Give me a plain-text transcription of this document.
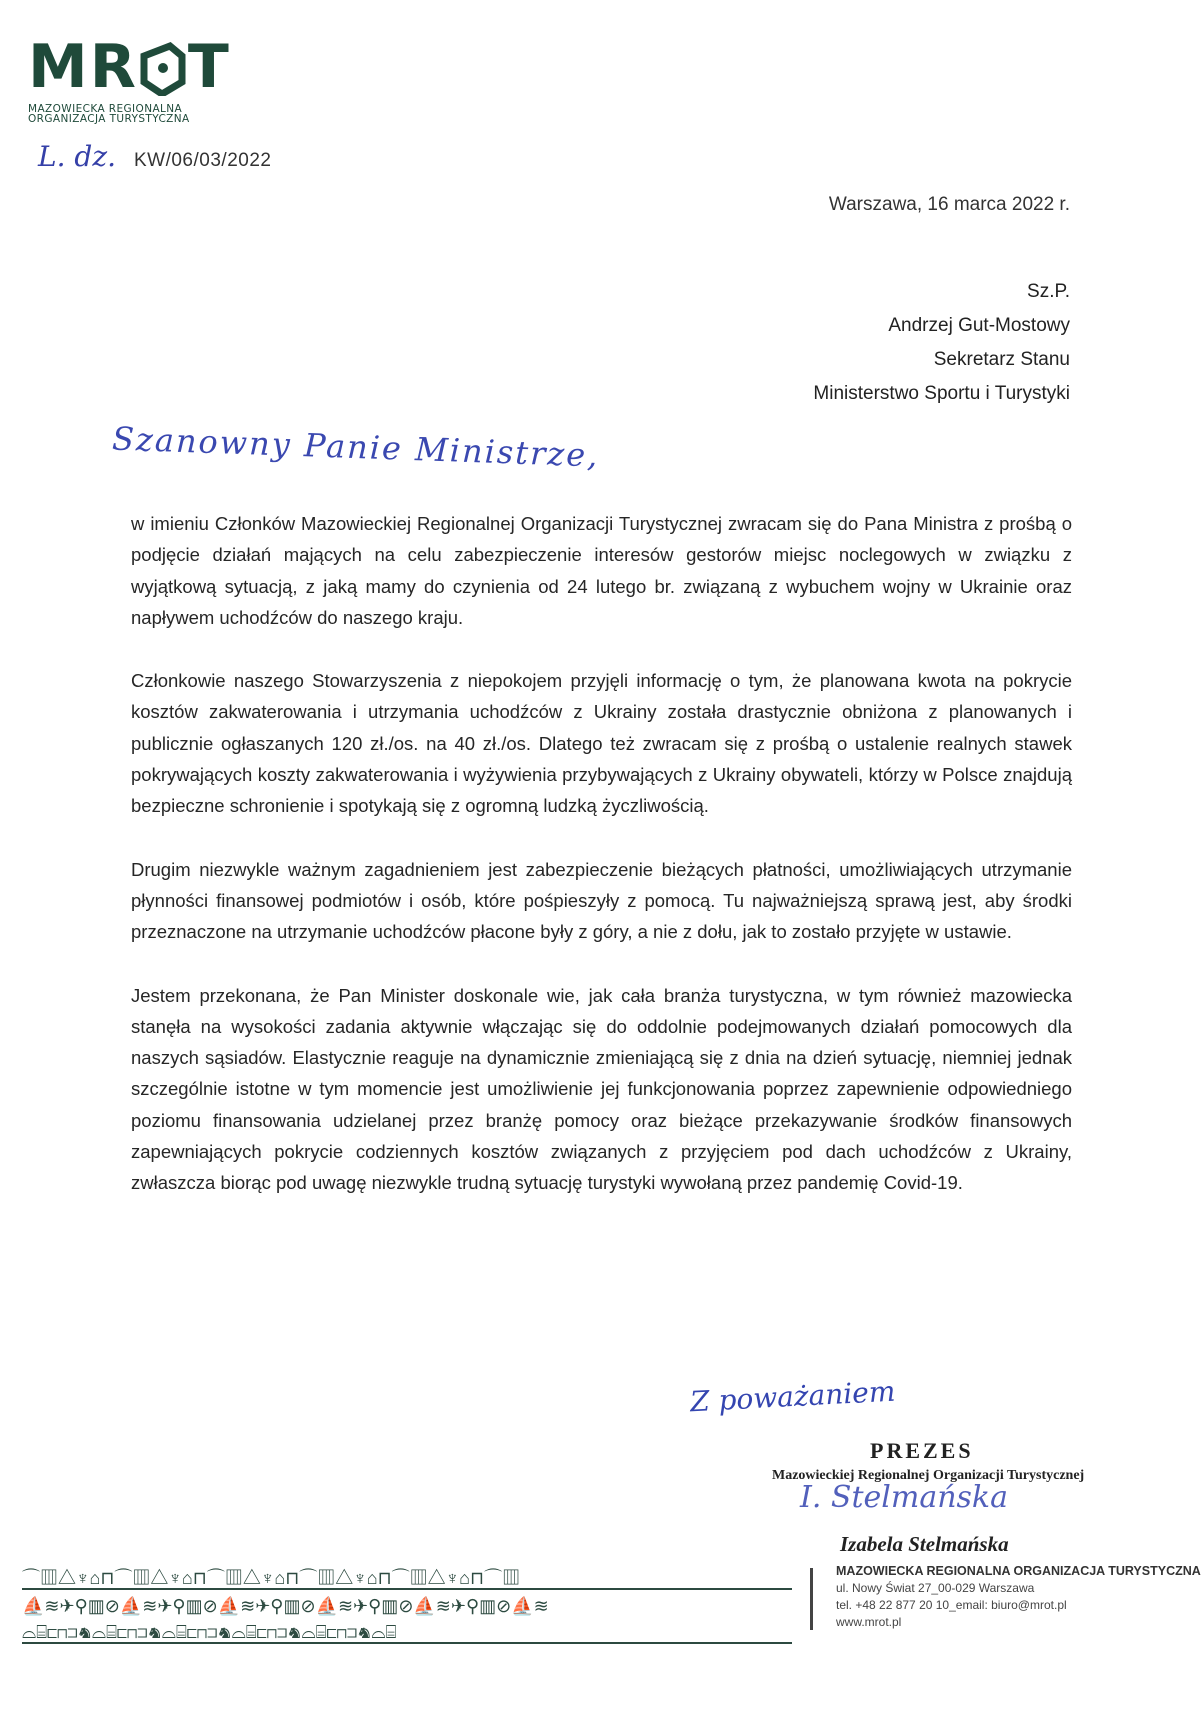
M R T
MAZOWIECKA REGIONALNA
ORGANIZACJA TURYSTYCZNA
L. dz. KW/06/03/2022
Warszawa, 16 marca 2022 r.
Sz.P.
Andrzej Gut-Mostowy
Sekretarz Stanu
Ministerstwo Sportu i Turystyki
Szanowny Panie Ministrze,

w imieniu Członków Mazowieckiej Regionalnej Organizacji Turystycznej zwracam się do Pana Ministra z prośbą o podjęcie działań mających na celu zabezpieczenie interesów gestorów miejsc noclegowych w związku z wyjątkową sytuacją, z jaką mamy do czynienia od 24 lutego br. związaną z wybuchem wojny w Ukrainie oraz napływem uchodźców do naszego kraju.

Członkowie naszego Stowarzyszenia z niepokojem przyjęli informację o tym, że planowana kwota na pokrycie kosztów zakwaterowania i utrzymania uchodźców z Ukrainy została drastycznie obniżona z planowanych i publicznie ogłaszanych 120 zł./os. na 40 zł./os. Dlatego też zwracam się z prośbą o ustalenie realnych stawek pokrywających koszty zakwaterowania i wyżywienia przybywających z Ukrainy obywateli, którzy w Polsce znajdują bezpieczne schronienie i spotykają się z ogromną ludzką życzliwością.

Drugim niezwykle ważnym zagadnieniem jest zabezpieczenie bieżących płatności, umożliwiających utrzymanie płynności finansowej podmiotów i osób, które pośpieszyły z pomocą. Tu najważniejszą sprawą jest, aby środki przeznaczone na utrzymanie uchodźców płacone były z góry, a nie z dołu, jak to zostało przyjęte w ustawie.

Jestem przekonana, że Pan Minister doskonale wie, jak cała branża turystyczna, w tym również mazowiecka stanęła na wysokości zadania aktywnie włączając się do oddolnie podejmowanych działań pomocowych dla naszych sąsiadów. Elastycznie reaguje na dynamicznie zmieniającą się z dnia na dzień sytuację, niemniej jednak szczególnie istotne w tym momencie jest umożliwienie jej funkcjonowania poprzez zapewnienie odpowiedniego poziomu finansowania udzielanej przez branżę pomocy oraz bieżące przekazywanie środków finansowych zapewniających pokrycie codziennych kosztów związanych z przyjęciem pod dach uchodźców z Ukrainy, zwłaszcza biorąc pod uwagę niezwykle trudną sytuację turystyki wywołaną przez pandemię Covid-19.

Z poważaniem
PREZES
Mazowieckiej Regionalnej Organizacji Turystycznej
I. Stelmańska
Izabela Stelmańska
⌒▥△♆⌂⊓⌒▥△♆⌂⊓⌒▥△♆⌂⊓⌒▥△♆⌂⊓⌒▥△♆⌂⊓⌒▥
⛵≋✈⚲▥⊘⛵≋✈⚲▥⊘⛵≋✈⚲▥⊘⛵≋✈⚲▥⊘⛵≋✈⚲▥⊘⛵≋
⌓⌸⊏⊓⊐♞⌓⌸⊏⊓⊐♞⌓⌸⊏⊓⊐♞⌓⌸⊏⊓⊐♞⌓⌸⊏⊓⊐♞⌓⌸
MAZOWIECKA REGIONALNA ORGANIZACJA TURYSTYCZNA
ul. Nowy Świat 27_00-029 Warszawa
tel. +48 22 877 20 10_email: biuro@mrot.pl
www.mrot.pl
